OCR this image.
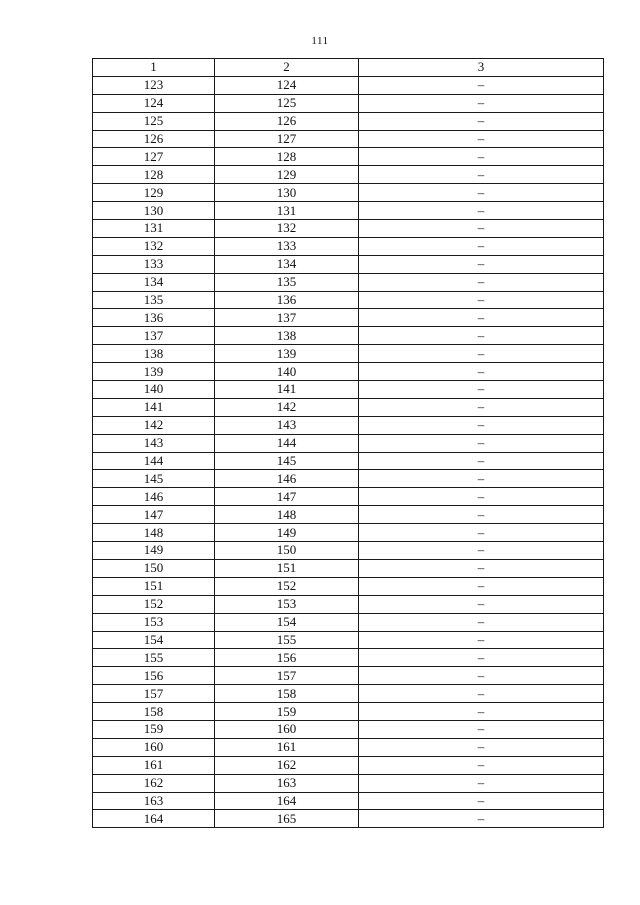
111
1	2	3
123	124	–
124	125	–
125	126	–
126	127	–
127	128	–
128	129	–
129	130	–
130	131	–
131	132	–
132	133	–
133	134	–
134	135	–
135	136	–
136	137	–
137	138	–
138	139	–
139	140	–
140	141	–
141	142	–
142	143	–
143	144	–
144	145	–
145	146	–
146	147	–
147	148	–
148	149	–
149	150	–
150	151	–
151	152	–
152	153	–
153	154	–
154	155	–
155	156	–
156	157	–
157	158	–
158	159	–
159	160	–
160	161	–
161	162	–
162	163	–
163	164	–
164	165	–
